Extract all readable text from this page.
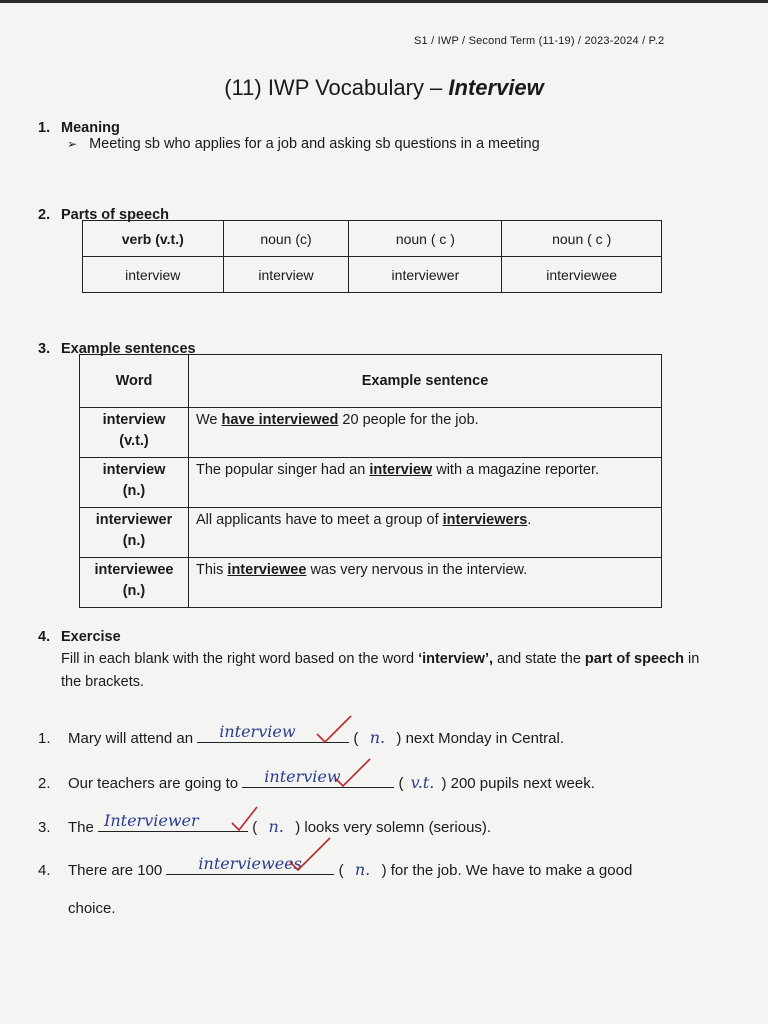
S1 / IWP / Second Term (11-19) / 2023-2024 / P.2
(11) IWP Vocabulary – Interview
1. Meaning
➢ Meeting sb who applies for a job and asking sb questions in a meeting
2. Parts of speech
verb (v.t.)	noun (c)	noun ( c )	noun ( c )
interview	interview	interviewer	interviewee
3. Example sentences
Word	Example sentence
interview
(v.t.)	We have interviewed 20 people for the job.
interview
(n.)	The popular singer had an interview with a magazine reporter.
interviewer
(n.)	All applicants have to meet a group of interviewers.
interviewee
(n.)	This interviewee was very nervous in the interview.
4. Exercise
Fill in each blank with the right word based on the word ‘interview’, and state the part of speech in the brackets.
1. Mary will attend an interview	( n. ) next Monday in Central.
2. Our teachers are going to interview	( v.t. ) 200 pupils next week.
3. The Interviewer	( n. ) looks very solemn (serious).
4. There are 100 interviewees ( n. ) for the job. We have to make a good
choice.
